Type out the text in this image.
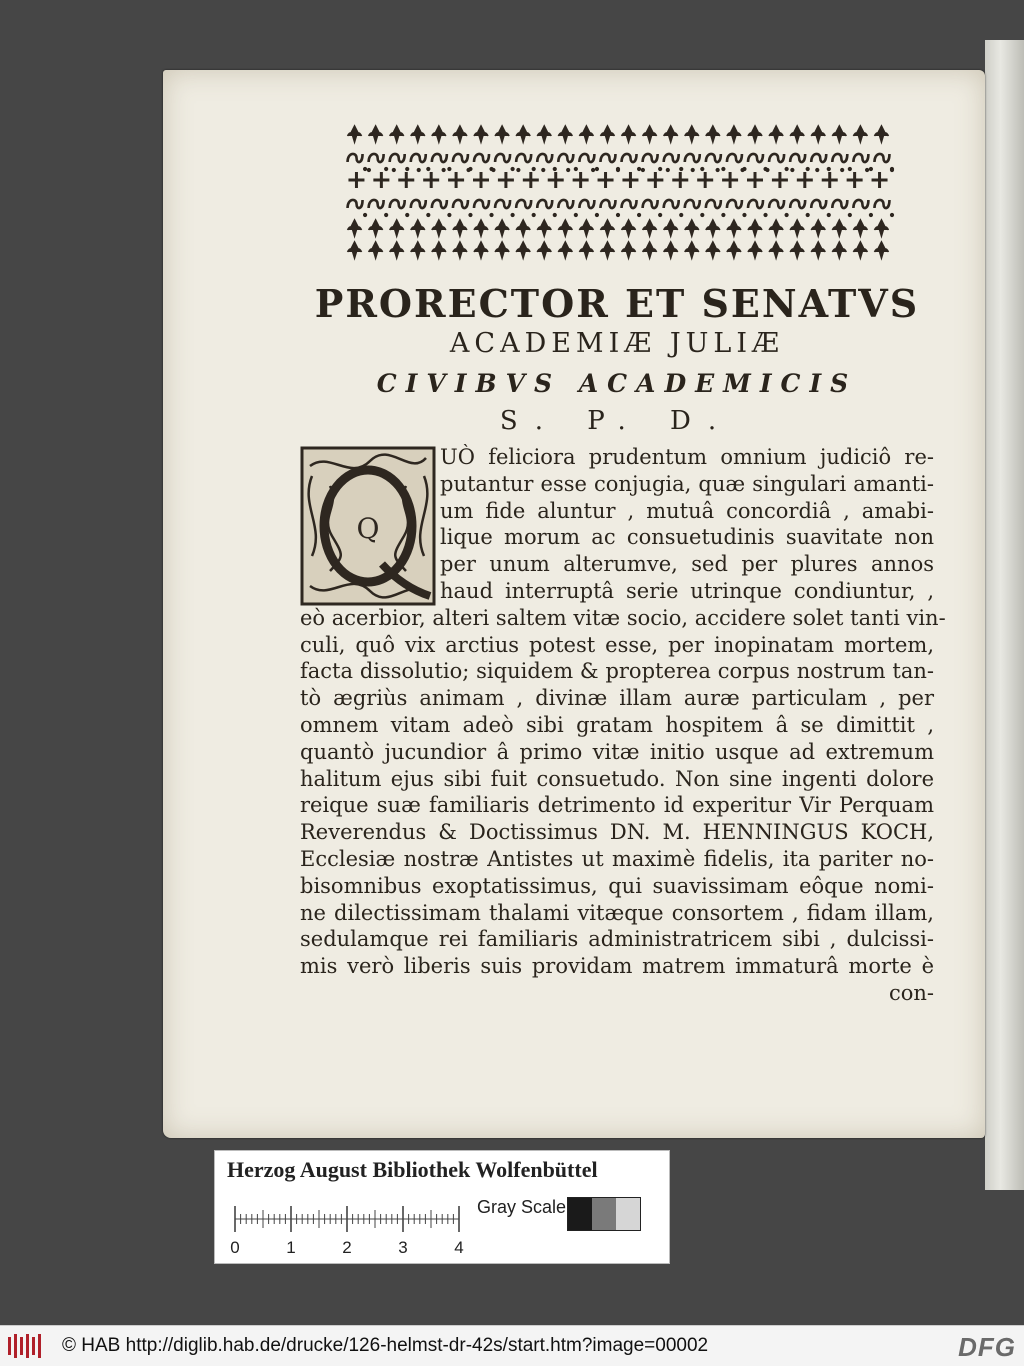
PRORECTOR ET SENATVS

ACADEMIÆ JULIÆ

CIVIBVS ACADEMICIS

S. P. D.

Q
UÒ feliciora prudentum omnium judiciô re-
putantur esse conjugia, quæ singulari amanti-
um fide aluntur , mutuâ concordiâ , amabi-
lique morum ac consuetudinis suavitate non
per unum alterumve, sed per plures annos
haud interruptâ serie utrinque condiuntur, ,
eò acerbior, alteri saltem vitæ socio, accidere solet tanti vin-
culi, quô vix arctius potest esse, per inopinatam mortem,
facta dissolutio; siquidem & propterea corpus nostrum tan-
tò ægriùs animam , divinæ illam auræ particulam , per
omnem vitam adeò sibi gratam hospitem â se dimittit ,
quantò jucundior â primo vitæ initio usque ad extremum
halitum ejus sibi fuit consuetudo. Non sine ingenti dolore
reique suæ familiaris detrimento id experitur Vir Perquam
Reverendus & Doctissimus DN. M. HENNINGUS KOCH,
Ecclesiæ nostræ Antistes ut maximè fidelis, ita pariter no-
bisomnibus exoptatissimus, qui suavissimam eôque nomi-
ne dilectissimam thalami vitæque consortem , fidam illam,
sedulamque rei familiaris administratricem sibi , dulcissi-
mis verò liberis suis providam matrem immaturâ morte è
con-
Herzog August Bibliothek Wolfenbüttel
0	1	2	3	4
Gray Scale
© HAB http://diglib.hab.de/drucke/126-helmst-dr-42s/start.htm?image=00002	DFG
